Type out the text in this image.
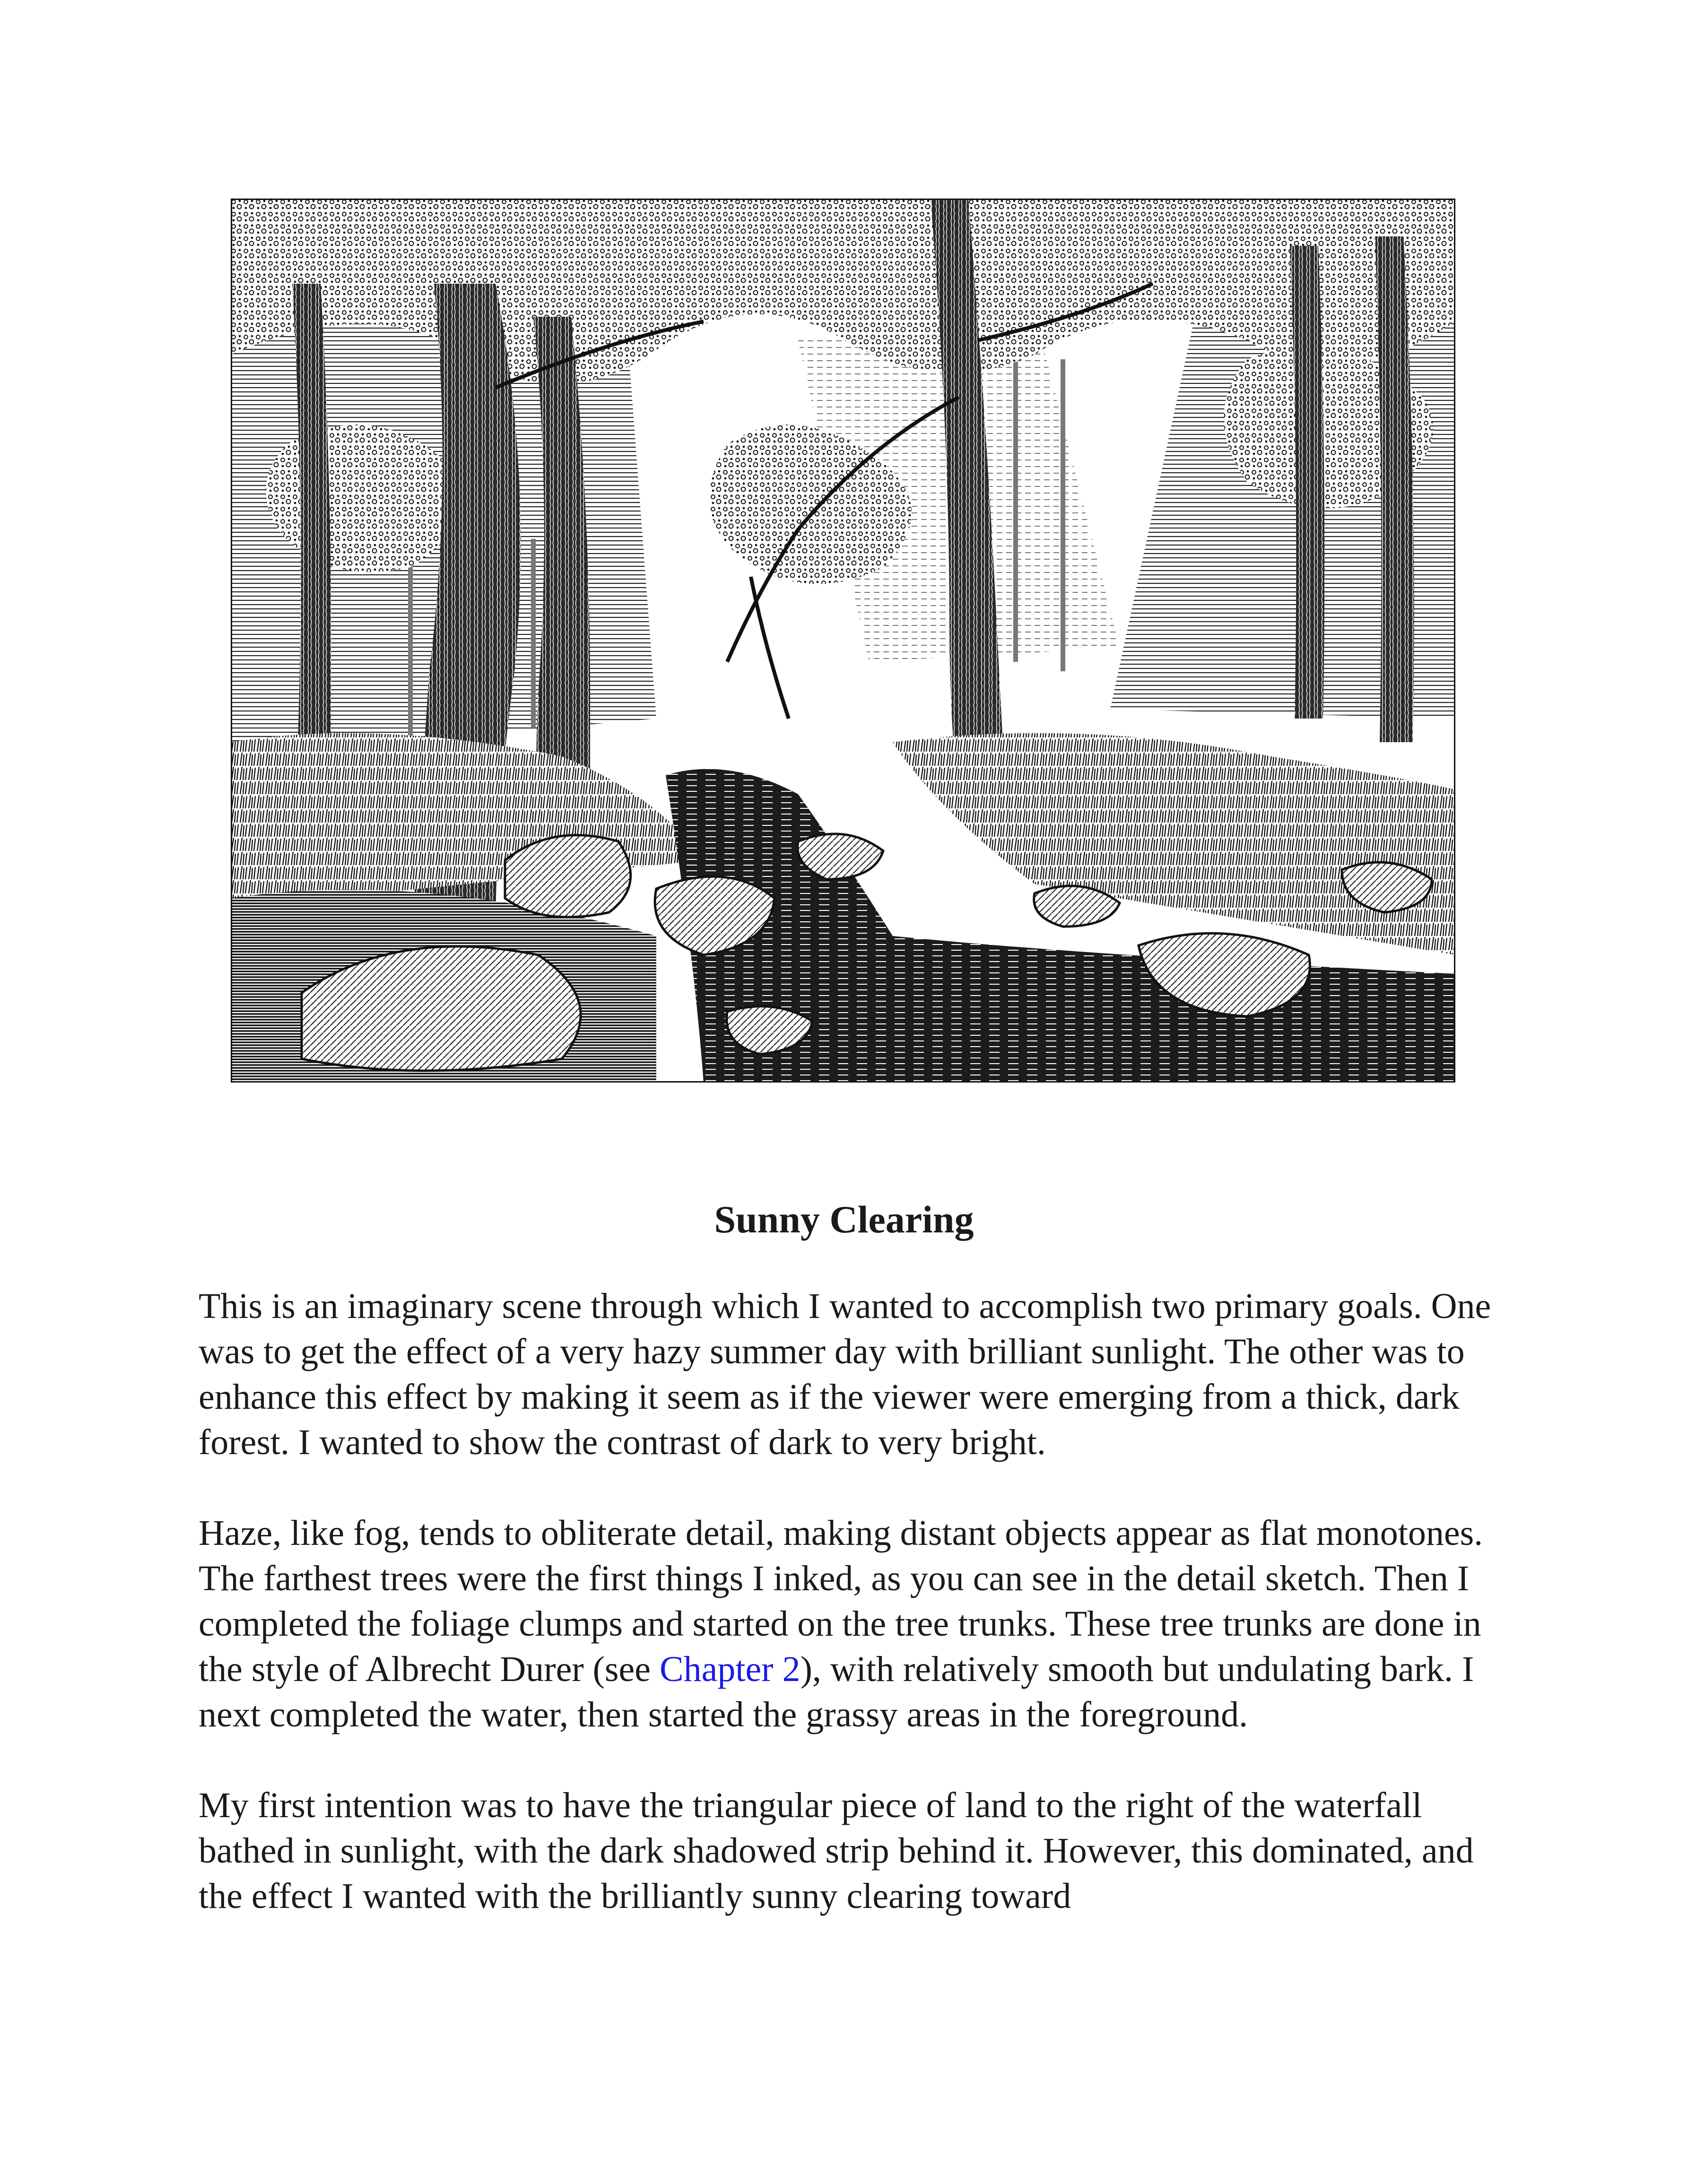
Sunny Clearing

This is an imaginary scene through which I wanted to accomplish two primary goals. One was to get the effect of a very hazy summer day with brilliant sunlight. The other was to enhance this effect by making it seem as if the viewer were emerging from a thick, dark forest. I wanted to show the contrast of dark to very bright.

Haze, like fog, tends to obliterate detail, making distant objects appear as flat monotones. The farthest trees were the first things I inked, as you can see in the detail sketch. Then I completed the foliage clumps and started on the tree trunks. These tree trunks are done in the style of Albrecht Durer (see Chapter 2), with relatively smooth but undulating bark. I next completed the water, then started the grassy areas in the foreground.

My first intention was to have the triangular piece of land to the right of the waterfall bathed in sunlight, with the dark shadowed strip behind it. However, this dominated, and the effect I wanted with the brilliantly sunny clearing toward
